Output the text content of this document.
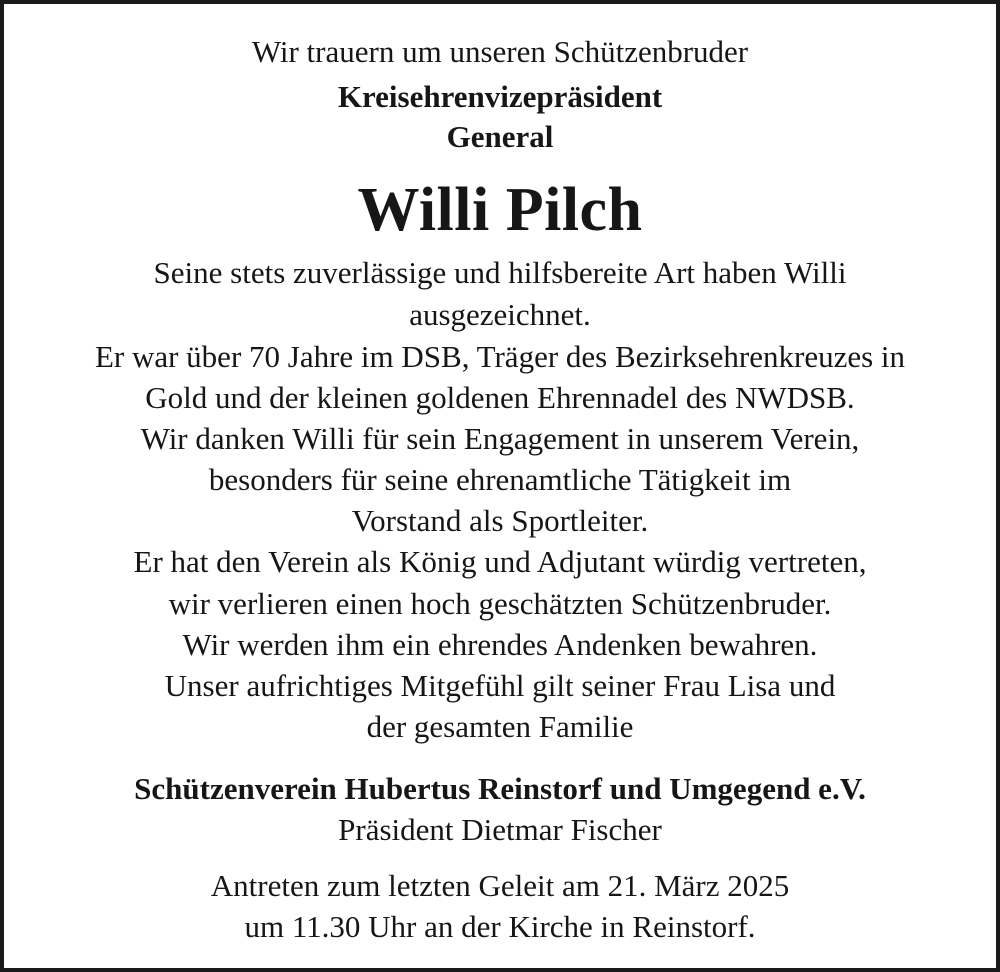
Wir trauern um unseren Schützenbruder
Kreisehrenvizepräsident
General
Willi Pilch
Seine stets zuverlässige und hilfsbereite Art haben Willi
ausgezeichnet.
Er war über 70 Jahre im DSB, Träger des Bezirksehrenkreuzes in
Gold und der kleinen goldenen Ehrennadel des NWDSB.
Wir danken Willi für sein Engagement in unserem Verein,
besonders für seine ehrenamtliche Tätigkeit im
Vorstand als Sportleiter.
Er hat den Verein als König und Adjutant würdig vertreten,
wir verlieren einen hoch geschätzten Schützenbruder.
Wir werden ihm ein ehrendes Andenken bewahren.
Unser aufrichtiges Mitgefühl gilt seiner Frau Lisa und
der gesamten Familie
Schützenverein Hubertus Reinstorf und Umgegend e.V.
Präsident Dietmar Fischer
Antreten zum letzten Geleit am 21. März 2025
um 11.30 Uhr an der Kirche in Reinstorf.
